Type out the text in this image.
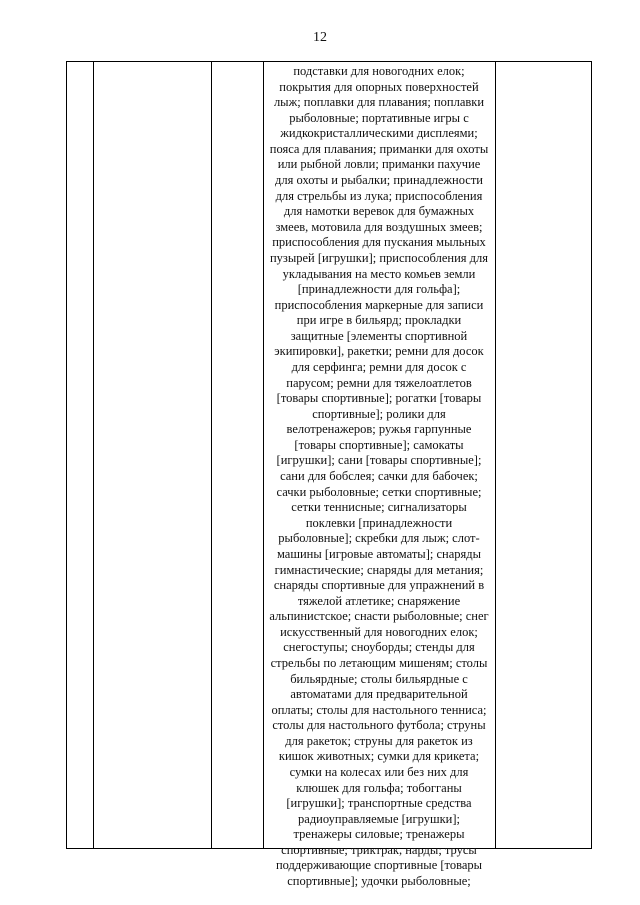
12
подставки для новогодних елок;
покрытия для опорных поверхностей
лыж; поплавки для плавания; поплавки
рыболовные; портативные игры с
жидкокристаллическими дисплеями;
пояса для плавания; приманки для охоты
или рыбной ловли; приманки пахучие
для охоты и рыбалки; принадлежности
для стрельбы из лука; приспособления
для намотки веревок для бумажных
змеев, мотовила для воздушных змеев;
приспособления для пускания мыльных
пузырей [игрушки]; приспособления для
укладывания на место комьев земли
[принадлежности для гольфа];
приспособления маркерные для записи
при игре в бильярд; прокладки
защитные [элементы спортивной
экипировки], ракетки; ремни для досок
для серфинга; ремни для досок с
парусом; ремни для тяжелоатлетов
[товары спортивные]; рогатки [товары
спортивные]; ролики для
велотренажеров; ружья гарпунные
[товары спортивные]; самокаты
[игрушки]; сани [товары спортивные];
сани для бобслея; сачки для бабочек;
сачки рыболовные; сетки спортивные;
сетки теннисные; сигнализаторы
поклевки [принадлежности
рыболовные]; скребки для лыж; слот-
машины [игровые автоматы]; снаряды
гимнастические; снаряды для метания;
снаряды спортивные для упражнений в
тяжелой атлетике; снаряжение
альпинистское; снасти рыболовные; снег
искусственный для новогодних елок;
снегоступы; сноуборды; стенды для
стрельбы по летающим мишеням; столы
бильярдные; столы бильярдные с
автоматами для предварительной
оплаты; столы для настольного тенниса;
столы для настольного футбола; струны
для ракеток; струны для ракеток из
кишок животных; сумки для крикета;
сумки на колесах или без них для
клюшек для гольфа; тобогганы
[игрушки]; транспортные средства
радиоуправляемые [игрушки];
тренажеры силовые; тренажеры
спортивные; триктрак, нарды; трусы
поддерживающие спортивные [товары
спортивные]; удочки рыболовные;
